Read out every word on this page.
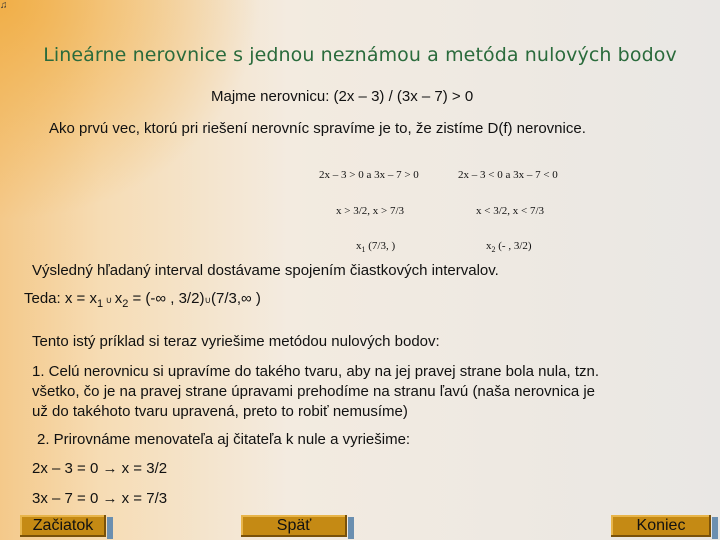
♫
Lineárne nerovnice s jednou neznámou a metóda nulových bodov
Majme nerovnicu: (2x – 3) / (3x – 7) > 0
Ako prvú vec, ktorú pri riešení nerovníc spravíme je to, že zistíme D(f) nerovnice.
2x – 3 > 0 a 3x – 7 > 0	2x – 3 < 0 a 3x – 7 < 0
x > 3/2, x > 7/3	x < 3/2, x < 7/3
$x_1$ (7/3, )	$x_2$ (- , 3/2)
Výsledný hľadaný interval dostávame spojením čiastkových intervalov.
Teda: $x = x_1$ ∪ $x_2$ = (-∞ , 3/2)∪(7/3,∞ )
Tento istý príklad si teraz vyriešime metódou nulových bodov:
1. Celú nerovnicu si upravíme do takého tvaru, aby na jej pravej strane bola nula, tzn.
všetko, čo je na pravej strane úpravami prehodíme na stranu ľavú (naša nerovnica je
už do takéhoto tvaru upravená, preto to robiť nemusíme)
2. Prirovnáme menovateľa aj čitateľa k nule a vyriešime:
2x – 3 = 0 → x = 3/2
3x – 7 = 0 → x = 7/3
Začiatok	Späť	Koniec
